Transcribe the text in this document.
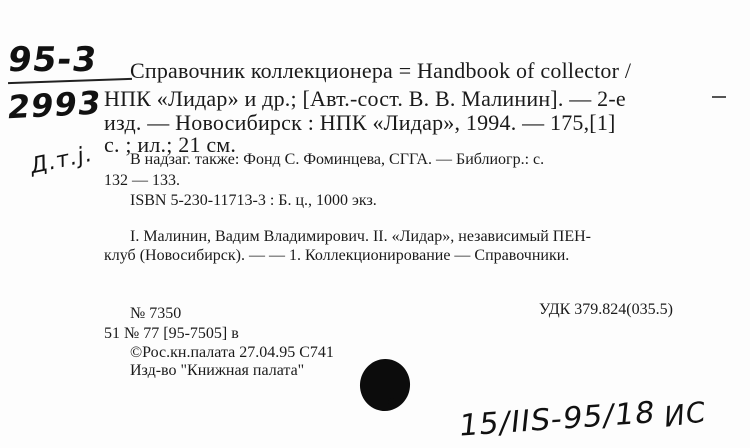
95-3
2993
Д.т.j.
Справочник коллекционера = Handbook of collector /
НПК «Лидар» и др.; [Авт.-сост. В. В. Малинин]. — 2-е
изд. — Новосибирск : НПК «Лидар», 1994. — 175,[1]
с. ; ил.; 21 см.
В надзаг. также: Фонд С. Фоминцева, СГГА. — Библиогр.: с.
132 — 133.
ISBN 5-230-11713-3 : Б. ц., 1000 экз.
I. Малинин, Вадим Владимирович. II. «Лидар», независимый ПЕН-
клуб (Новосибирск). — — 1. Коллекционирование — Справочники.
№ 7350	УДК 379.824(035.5)
51 № 77 [95-7505] в
©Рос.кн.палата 27.04.95 С741
Изд-во "Книжная палата"
15/IIS-95/18 ИС
